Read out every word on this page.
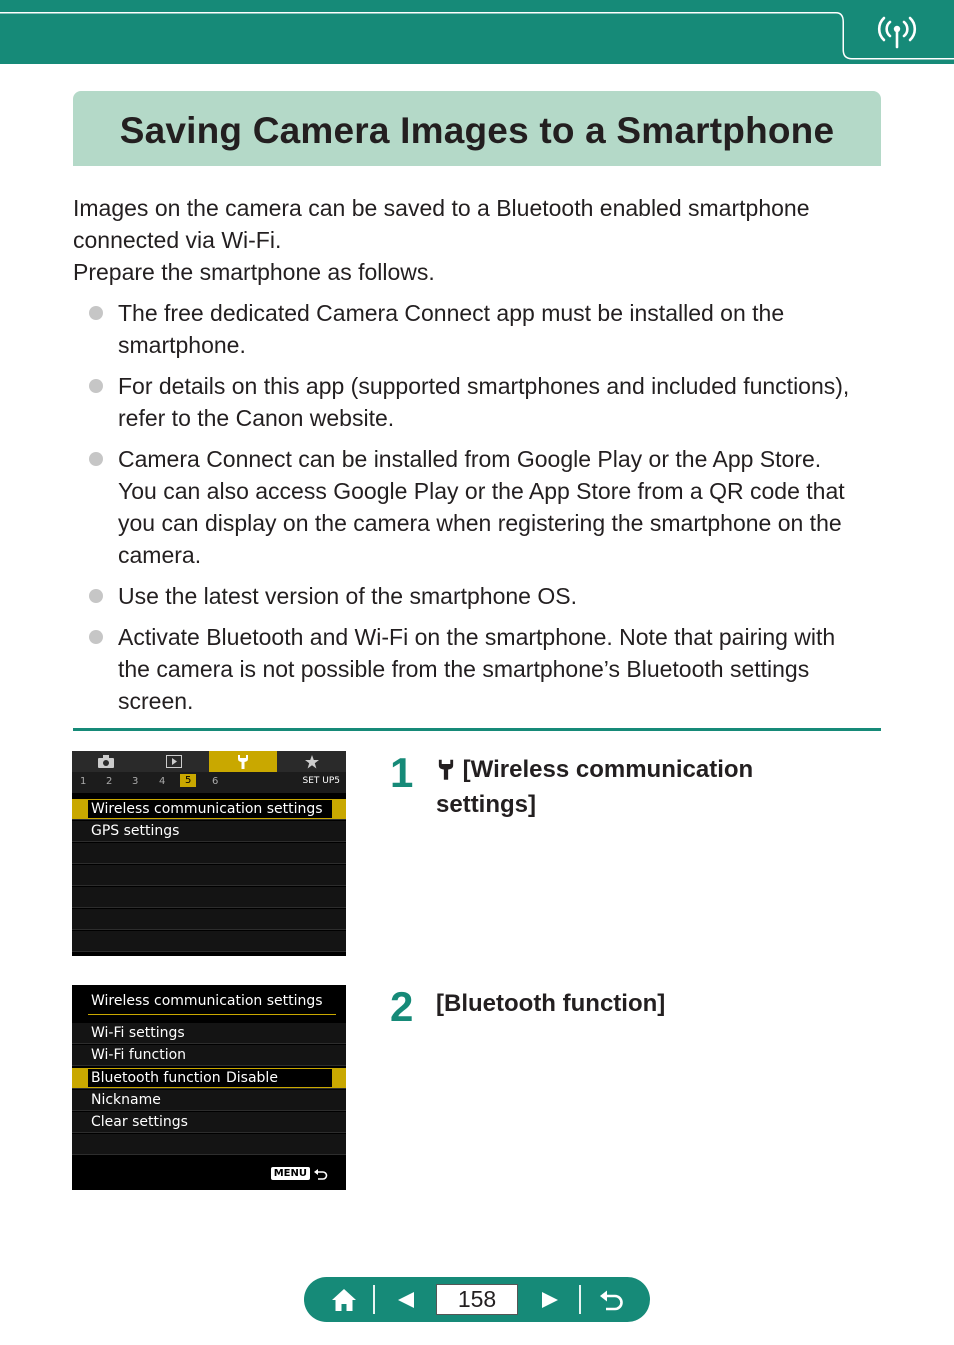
Saving Camera Images to a Smartphone
Images on the camera can be saved to a Bluetooth enabled smartphone
connected via Wi-Fi.
Prepare the smartphone as follows.
The free dedicated Camera Connect app must be installed on the
smartphone.
For details on this app (supported smartphones and included functions),
refer to the Canon website.
Camera Connect can be installed from Google Play or the App Store.
You can also access Google Play or the App Store from a QR code that
you can display on the camera when registering the smartphone on the
camera.
Use the latest version of the smartphone OS.
Activate Bluetooth and Wi-Fi on the smartphone. Note that pairing with
the camera is not possible from the smartphone’s Bluetooth settings
screen.
1 2 3 4	5	6	SET UP5
Wireless communication settings
GPS settings
Wireless communication settings
Wi-Fi settings
Wi-Fi function
Bluetooth function Disable
Nickname
Clear settings
MENU
1	[Wireless communication
settings]
2 [Bluetooth function]
158
